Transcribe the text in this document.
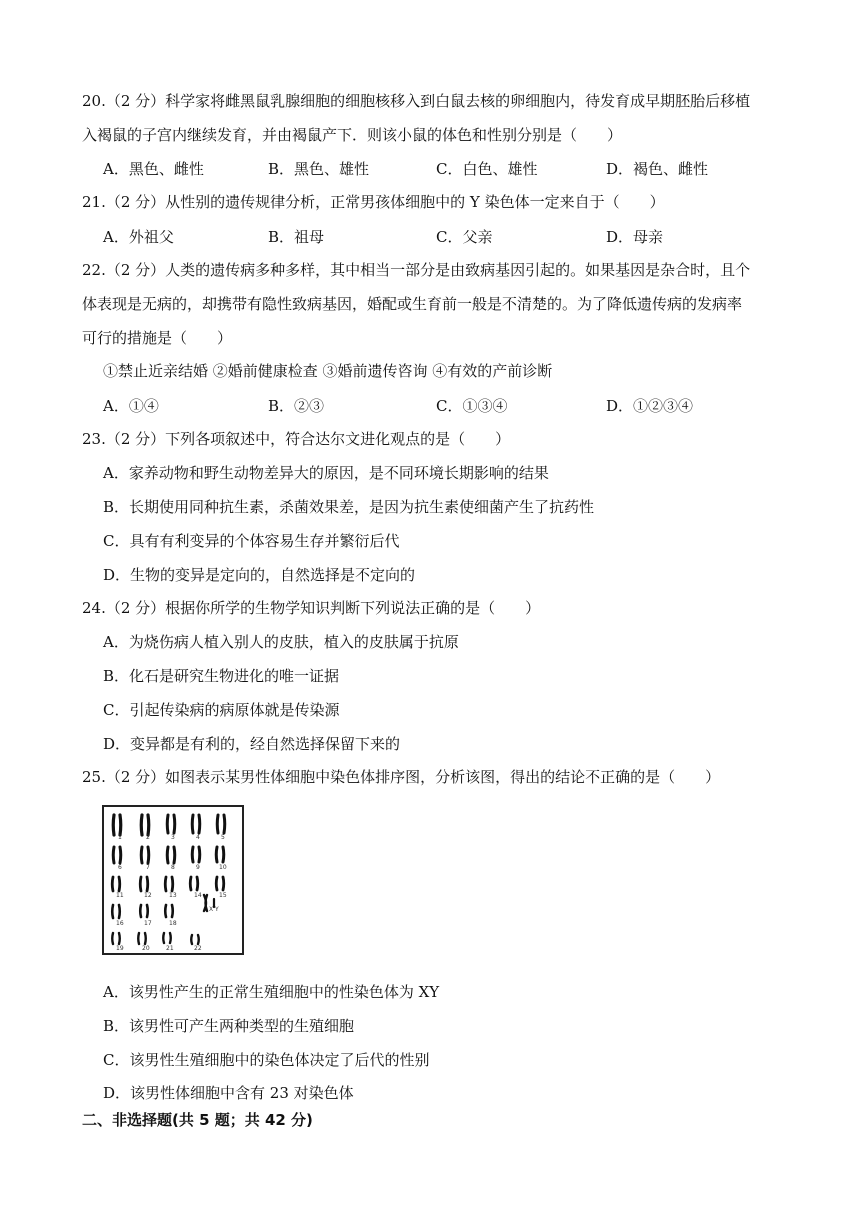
20.（2 分）科学家将雌黑鼠乳腺细胞的细胞核移入到白鼠去核的卵细胞内，待发育成早期胚胎后移植
入褐鼠的子宫内继续发育，并由褐鼠产下．则该小鼠的体色和性别分别是（　　）
A．黑色、雌性	B．黑色、雄性	C．白色、雄性	D．褐色、雌性
21.（2 分）从性别的遗传规律分析，正常男孩体细胞中的 Y 染色体一定来自于（　　）
A．外祖父	B．祖母	C．父亲	D．母亲
22.（2 分）人类的遗传病多种多样，其中相当一部分是由致病基因引起的。如果基因是杂合时，且个
体表现是无病的，却携带有隐性致病基因，婚配或生育前一般是不清楚的。为了降低遗传病的发病率
可行的措施是（　　）
①禁止近亲结婚 ②婚前健康检查 ③婚前遗传咨询 ④有效的产前诊断
A．①④	B．②③	C．①③④	D．①②③④
23.（2 分）下列各项叙述中，符合达尔文进化观点的是（　　）
A．家养动物和野生动物差异大的原因，是不同环境长期影响的结果
B．长期使用同种抗生素，杀菌效果差，是因为抗生素使细菌产生了抗药性
C．具有有利变异的个体容易生存并繁衍后代
D．生物的变异是定向的，自然选择是不定向的
24.（2 分）根据你所学的生物学知识判断下列说法正确的是（　　）
A．为烧伤病人植入别人的皮肤，植入的皮肤属于抗原
B．化石是研究生物进化的唯一证据
C．引起传染病的病原体就是传染源
D．变异都是有利的，经自然选择保留下来的
25.（2 分）如图表示某男性体细胞中染色体排序图，分析该图，得出的结论不正确的是（　　）
1	2	3	4	5
6	7	8	9	10
11	12	13	14	15
16	17	18
19	20	21	22
X Y
A．该男性产生的正常生殖细胞中的性染色体为 XY
B．该男性可产生两种类型的生殖细胞
C．该男性生殖细胞中的染色体决定了后代的性别
D．该男性体细胞中含有 23 对染色体
二、非选择题(共 5 题；共 42 分)
